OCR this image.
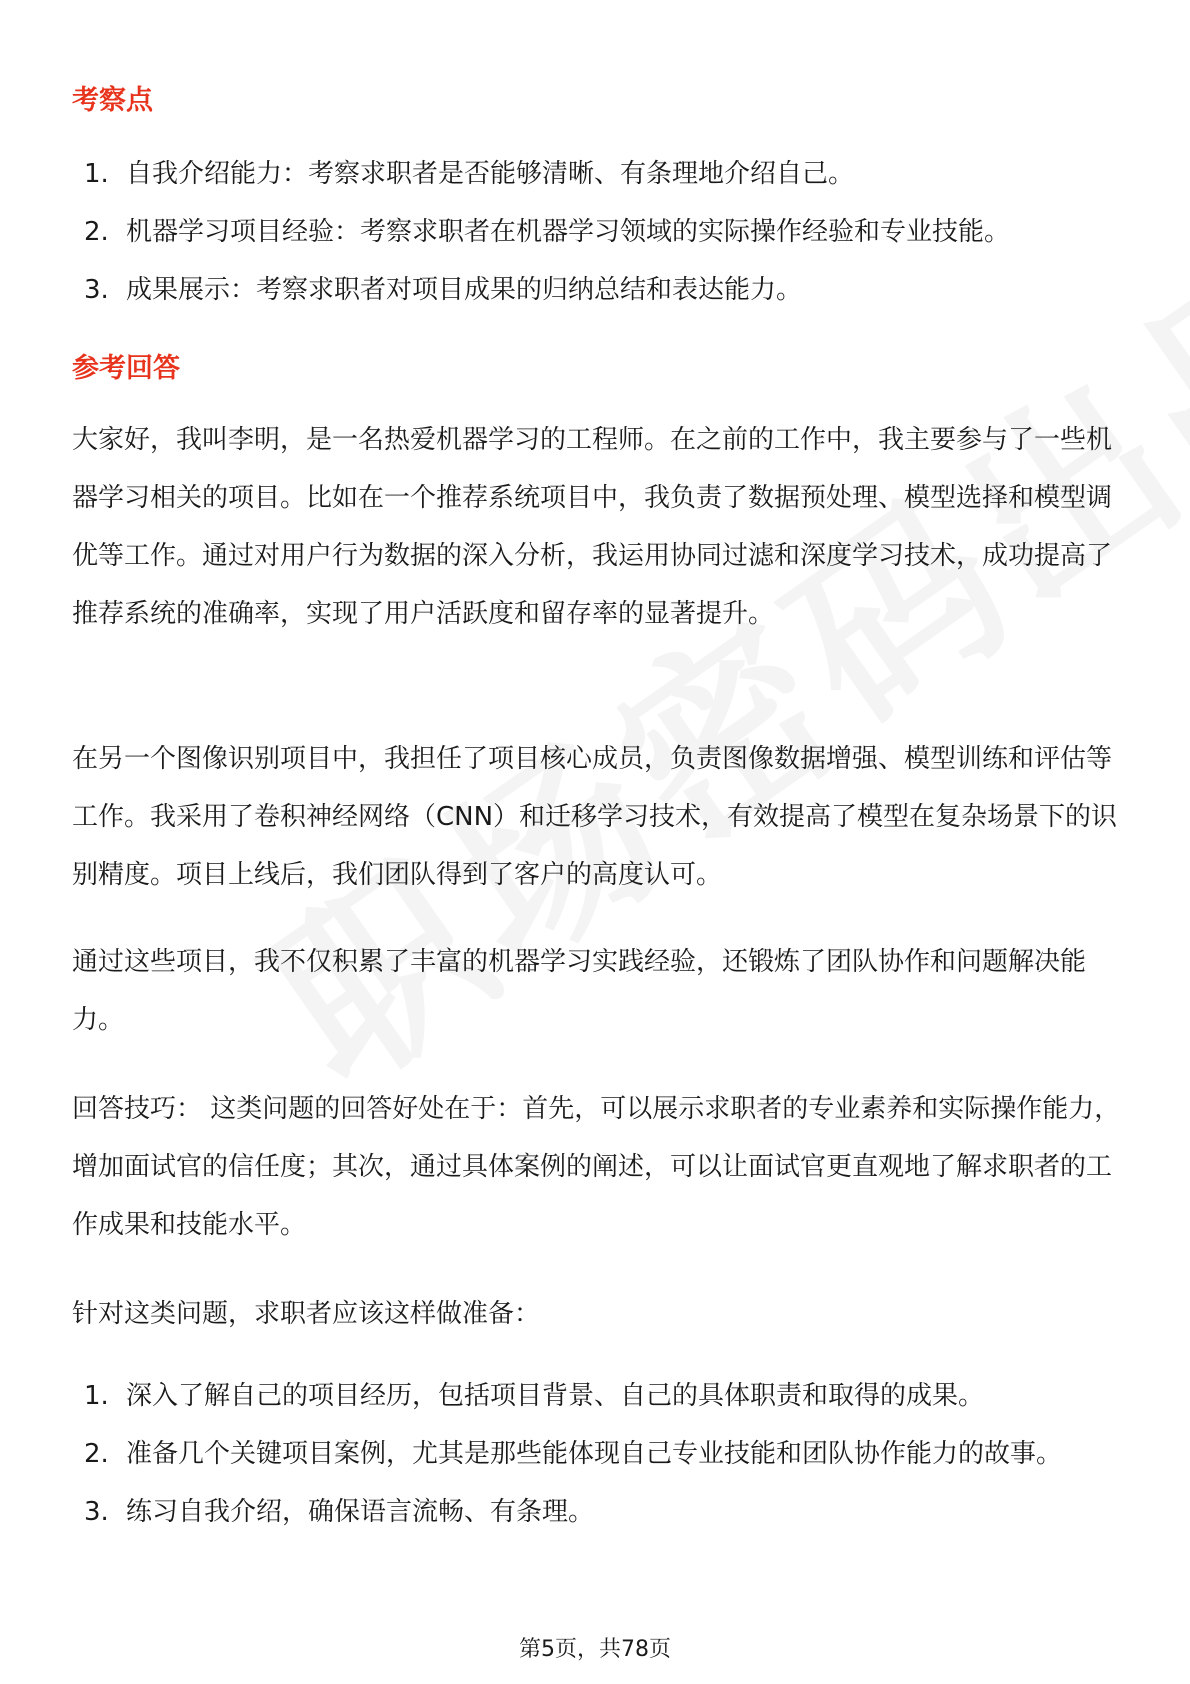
考察点
1. 自我介绍能力：考察求职者是否能够清晰、有条理地介绍自己。
2. 机器学习项目经验：考察求职者在机器学习领域的实际操作经验和专业技能。
3. 成果展示：考察求职者对项目成果的归纳总结和表达能力。
参考回答

大家好，我叫李明，是一名热爱机器学习的工程师。在之前的工作中，我主要参与了一些机器学习相关的项目。比如在一个推荐系统项目中，我负责了数据预处理、模型选择和模型调优等工作。通过对用户行为数据的深入分析，我运用协同过滤和深度学习技术，成功提高了推荐系统的准确率，实现了用户活跃度和留存率的显著提升。

在另一个图像识别项目中，我担任了项目核心成员，负责图像数据增强、模型训练和评估等工作。我采用了卷积神经网络（CNN）和迁移学习技术，有效提高了模型在复杂场景下的识别精度。项目上线后，我们团队得到了客户的高度认可。

通过这些项目，我不仅积累了丰富的机器学习实践经验，还锻炼了团队协作和问题解决能力。

回答技巧： 这类问题的回答好处在于：首先，可以展示求职者的专业素养和实际操作能力，增加面试官的信任度；其次，通过具体案例的阐述，可以让面试官更直观地了解求职者的工作成果和技能水平。

针对这类问题，求职者应该这样做准备：

1. 深入了解自己的项目经历，包括项目背景、自己的具体职责和取得的成果。
2. 准备几个关键项目案例，尤其是那些能体现自己专业技能和团队协作能力的故事。
3. 练习自我介绍，确保语言流畅、有条理。
第5页，共78页
